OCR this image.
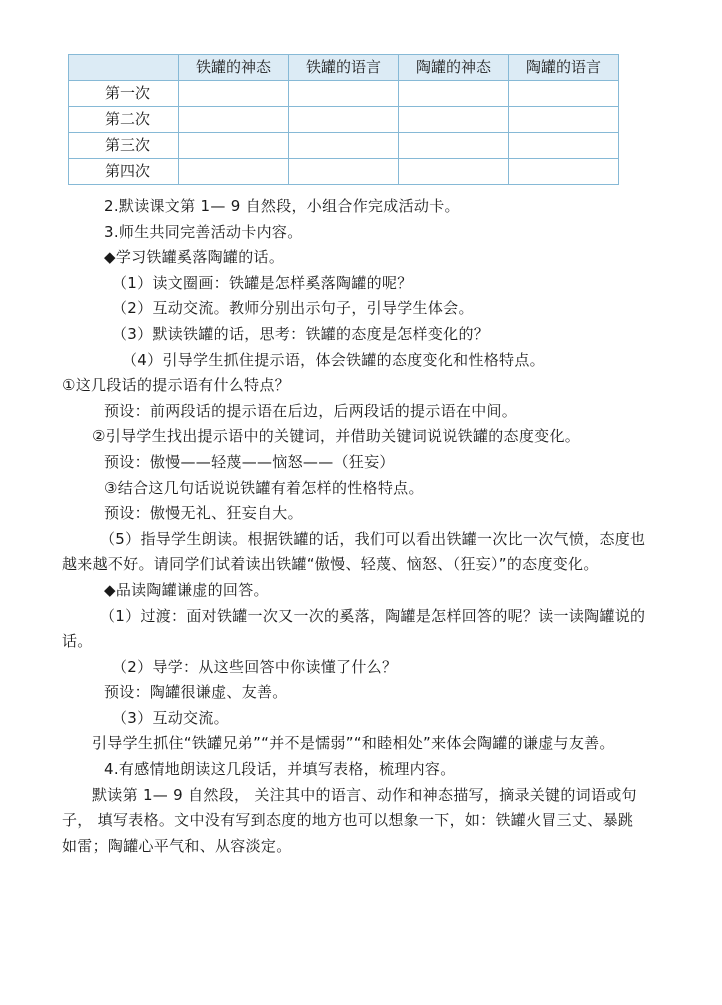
	铁罐的神态	铁罐的语言	陶罐的神态	陶罐的语言
第一次				
第二次				
第三次				
第四次				

2.默读课文第 1— 9 自然段，小组合作完成活动卡。

3.师生共同完善活动卡内容。

◆学习铁罐奚落陶罐的话。

（1）读文圈画：铁罐是怎样奚落陶罐的呢？

（2）互动交流。教师分别出示句子，引导学生体会。

（3）默读铁罐的话，思考：铁罐的态度是怎样变化的？

（4）引导学生抓住提示语，体会铁罐的态度变化和性格特点。

①这几段话的提示语有什么特点？

预设：前两段话的提示语在后边，后两段话的提示语在中间。

②引导学生找出提示语中的关键词，并借助关键词说说铁罐的态度变化。

预设：傲慢——轻蔑——恼怒——（狂妄）

③结合这几句话说说铁罐有着怎样的性格特点。

预设：傲慢无礼、狂妄自大。

（5）指导学生朗读。根据铁罐的话，我们可以看出铁罐一次比一次气愤，态度也越来越不好。请同学们试着读出铁罐“傲慢、轻蔑、恼怒、（狂妄）”的态度变化。

◆品读陶罐谦虚的回答。

（1）过渡：面对铁罐一次又一次的奚落，陶罐是怎样回答的呢？读一读陶罐说的话。

（2）导学：从这些回答中你读懂了什么？

预设：陶罐很谦虚、友善。

（3）互动交流。

引导学生抓住“铁罐兄弟”“并不是懦弱”“和睦相处”来体会陶罐的谦虚与友善。

4.有感情地朗读这几段话，并填写表格，梳理内容。

默读第 1— 9 自然段， 关注其中的语言、动作和神态描写，摘录关键的词语或句子， 填写表格。文中没有写到态度的地方也可以想象一下，如：铁罐火冒三丈、暴跳如雷；陶罐心平气和、从容淡定。
